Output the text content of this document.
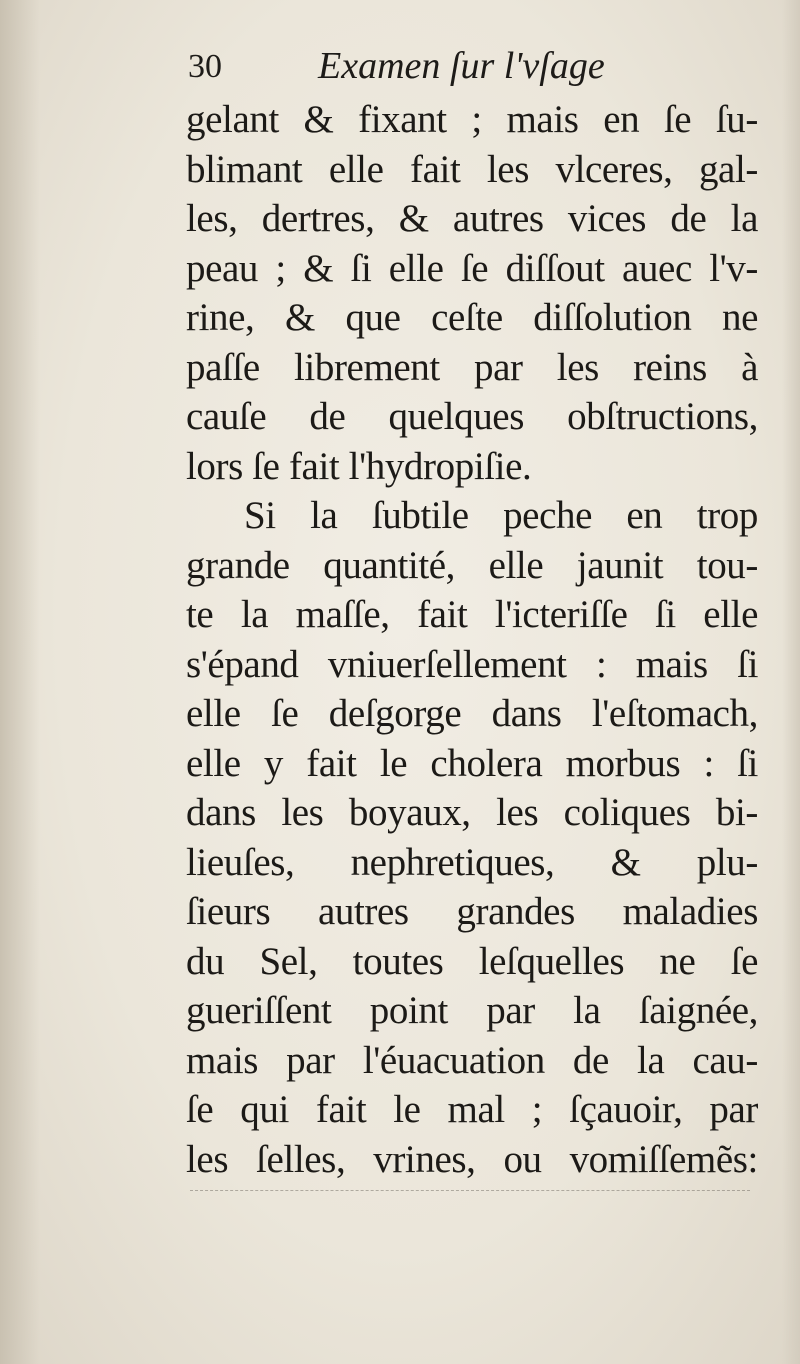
30	Examen ſur l'vſage
gelant & fixant ; mais en ſe ſu-
blimant elle fait les vlceres, gal-
les, dertres, & autres vices de la
peau ; & ſi elle ſe diſſout auec l'v-
rine, & que ceſte diſſolution ne
paſſe librement par les reins à
cauſe de quelques obſtructions,
lors ſe fait l'hydropiſie.
Si la ſubtile peche en trop
grande quantité, elle jaunit tou-
te la maſſe, fait l'icteriſſe ſi elle
s'épand vniuerſellement : mais ſi
elle ſe deſgorge dans l'eſtomach,
elle y fait le cholera morbus : ſi
dans les boyaux, les coliques bi-
lieuſes, nephretiques, & plu-
ſieurs autres grandes maladies
du Sel, toutes leſquelles ne ſe
gueriſſent point par la ſaignée,
mais par l'éuacuation de la cau-
ſe qui fait le mal ; ſçauoir, par
les ſelles, vrines, ou vomiſſemẽs:
